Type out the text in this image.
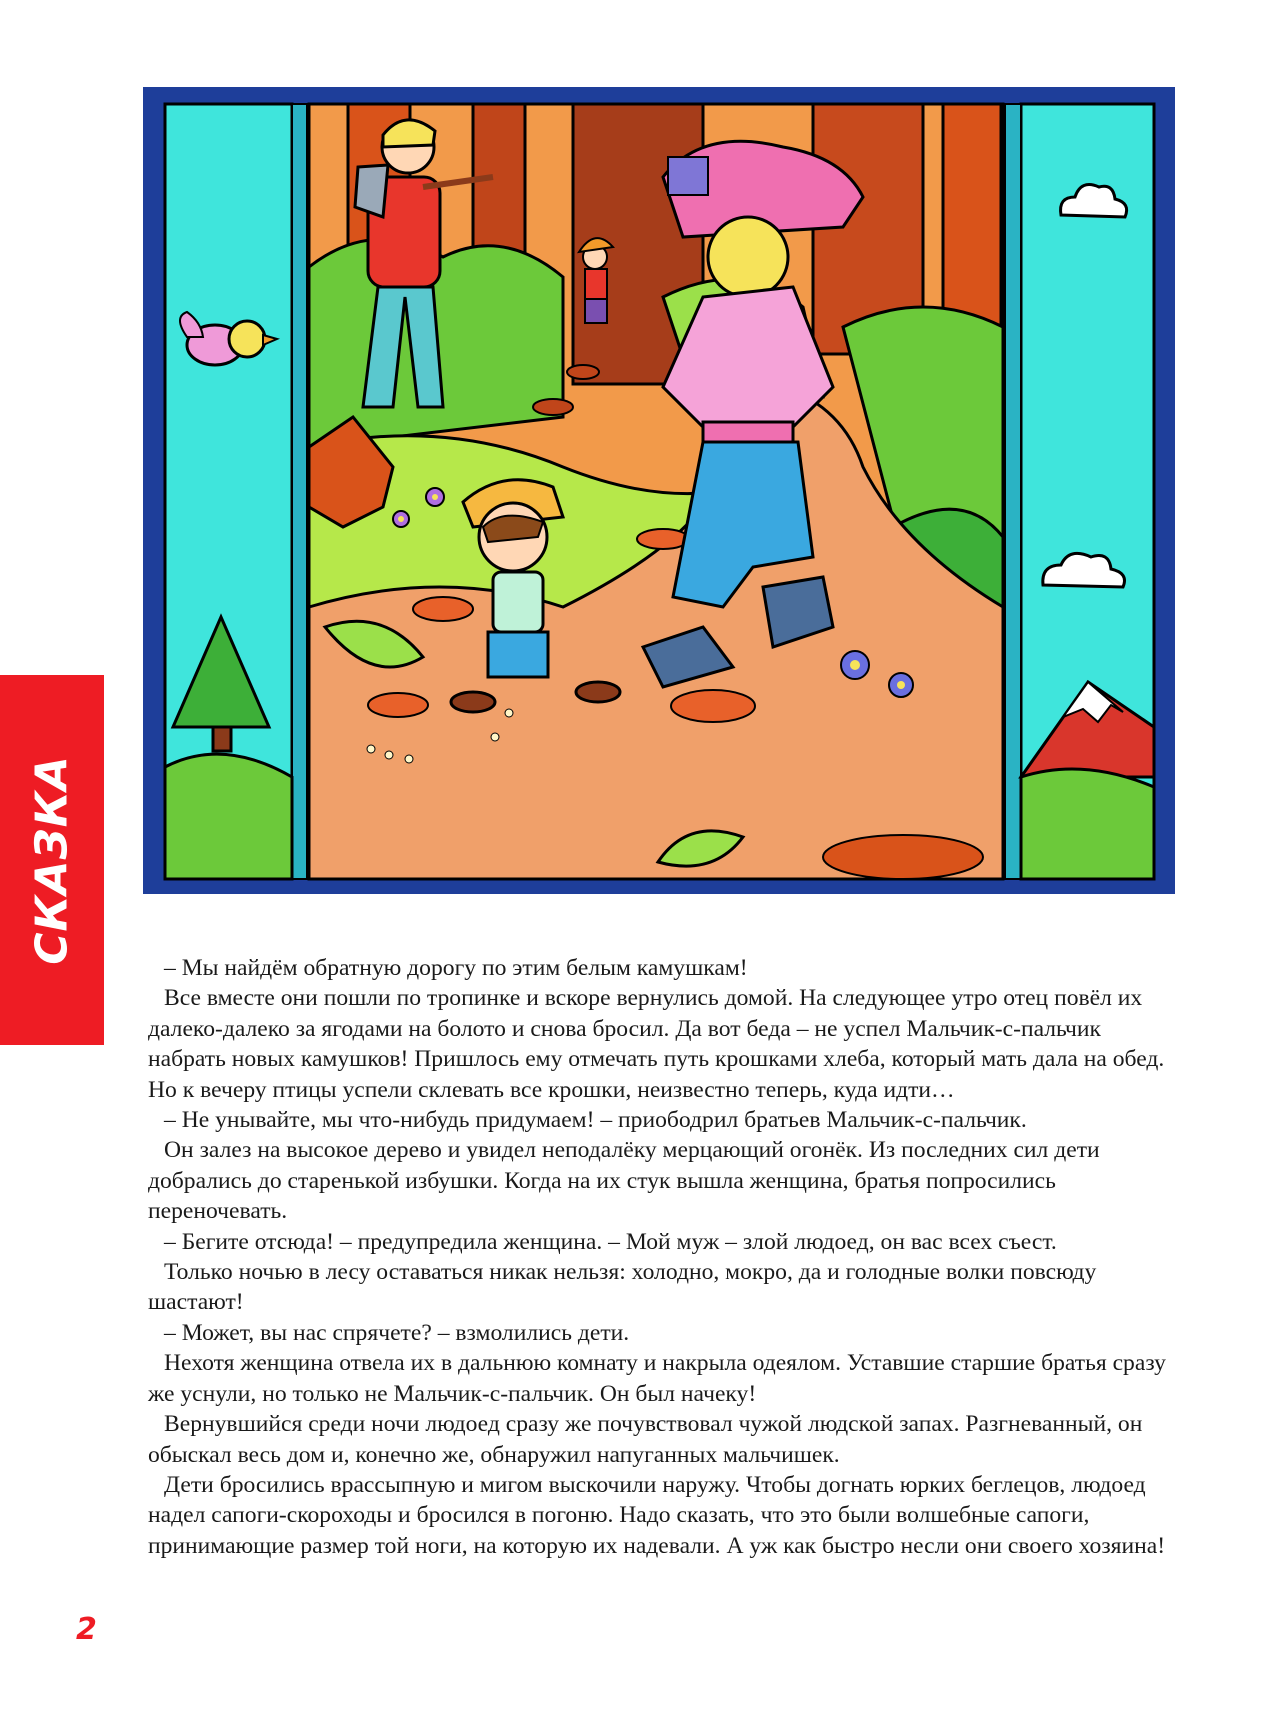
СКАЗКА

– Мы найдём обратную дорогу по этим белым камушкам!

Все вместе они пошли по тропинке и вскоре вернулись домой. На следующее утро отец повёл их далеко-далеко за ягодами на болото и снова бросил. Да вот беда – не успел Мальчик-с-пальчик набрать новых камушков! Пришлось ему отмечать путь крошками хлеба, который мать дала на обед. Но к вечеру птицы успели склевать все крошки, неизвестно теперь, куда идти…

– Не унывайте, мы что-нибудь придумаем! – приободрил братьев Мальчик-с-пальчик.

Он залез на высокое дерево и увидел неподалёку мерцающий огонёк. Из последних сил дети добрались до старенькой избушки. Когда на их стук вышла женщина, братья попросились переночевать.

– Бегите отсюда! – предупредила женщина. – Мой муж – злой людоед, он вас всех съест.

Только ночью в лесу оставаться никак нельзя: холодно, мокро, да и голодные волки повсюду шастают!

– Может, вы нас спрячете? – взмолились дети.

Нехотя женщина отвела их в дальнюю комнату и накрыла одеялом. Уставшие старшие братья сразу же уснули, но только не Мальчик-с-пальчик. Он был начеку!

Вернувшийся среди ночи людоед сразу же почувствовал чужой людской запах. Разгневанный, он обыскал весь дом и, конечно же, обнаружил напуганных мальчишек.

Дети бросились врассыпную и мигом выскочили наружу. Чтобы догнать юрких беглецов, людоед надел сапоги-скороходы и бросился в погоню. Надо сказать, что это были волшебные сапоги, принимающие размер той ноги, на которую их надевали. А уж как быстро несли они своего хозяина!

2
